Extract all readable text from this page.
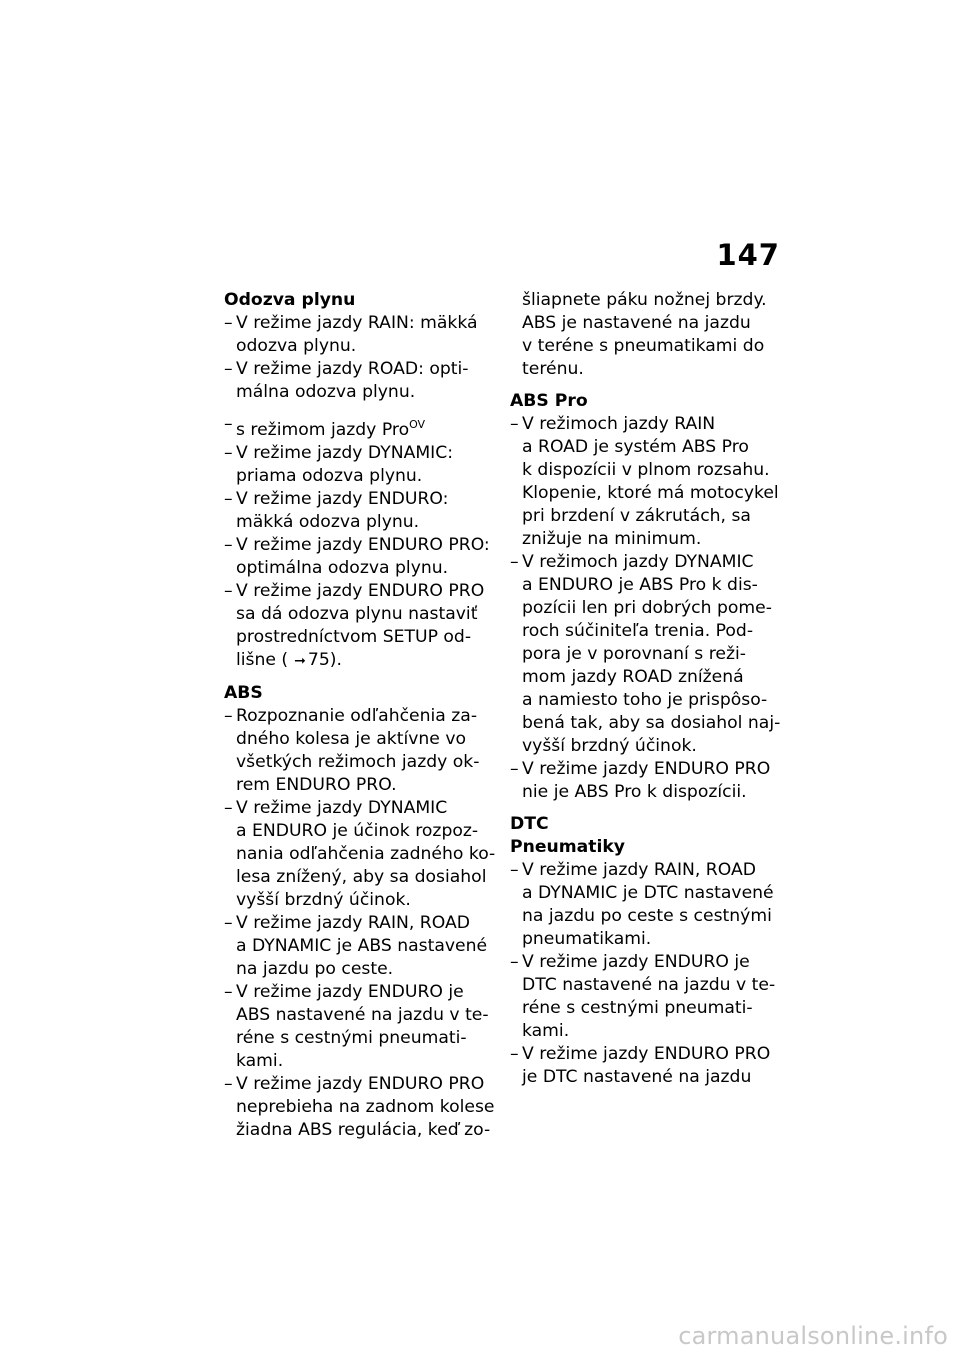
147
Odozva plynu
– V režime jazdy RAIN: mäkká
odozva plynu.
– V režime jazdy ROAD: opti-
málna odozva plynu.
– s režimom jazdy Pro$^{OV}$
– V režime jazdy DYNAMIC:
priama odozva plynu.
– V režime jazdy ENDURO:
mäkká odozva plynu.
– V režime jazdy ENDURO PRO:
optimálna odozva plynu.
– V režime jazdy ENDURO PRO
sa dá odozva plynu nastaviť
prostredníctvom SETUP od-
lišne ( ➞ 75).
ABS
– Rozpoznanie odľahčenia za-
dného kolesa je aktívne vo
všetkých režimoch jazdy ok-
rem ENDURO PRO.
– V režime jazdy DYNAMIC
a ENDURO je účinok rozpoz-
nania odľahčenia zadného ko-
lesa znížený, aby sa dosiahol
vyšší brzdný účinok.
– V režime jazdy RAIN, ROAD
a DYNAMIC je ABS nastavené
na jazdu po ceste.
– V režime jazdy ENDURO je
ABS nastavené na jazdu v te-
réne s cestnými pneumati-
kami.
– V režime jazdy ENDURO PRO
neprebieha na zadnom kolese
žiadna ABS regulácia, keď zo-
šliapnete páku nožnej brzdy.
ABS je nastavené na jazdu
v teréne s pneumatikami do
terénu.
ABS Pro
– V režimoch jazdy RAIN
a ROAD je systém ABS Pro
k dispozícii v plnom rozsahu.
Klopenie, ktoré má motocykel
pri brzdení v zákrutách, sa
znižuje na minimum.
– V režimoch jazdy DYNAMIC
a ENDURO je ABS Pro k dis-
pozícii len pri dobrých pome-
roch súčiniteľa trenia. Pod-
pora je v porovnaní s reži-
mom jazdy ROAD znížená
a namiesto toho je prispôso-
bená tak, aby sa dosiahol naj-
vyšší brzdný účinok.
– V režime jazdy ENDURO PRO
nie je ABS Pro k dispozícii.
DTC
Pneumatiky
– V režime jazdy RAIN, ROAD
a DYNAMIC je DTC nastavené
na jazdu po ceste s cestnými
pneumatikami.
– V režime jazdy ENDURO je
DTC nastavené na jazdu v te-
réne s cestnými pneumati-
kami.
– V režime jazdy ENDURO PRO
je DTC nastavené na jazdu
carmanualsonline.info
